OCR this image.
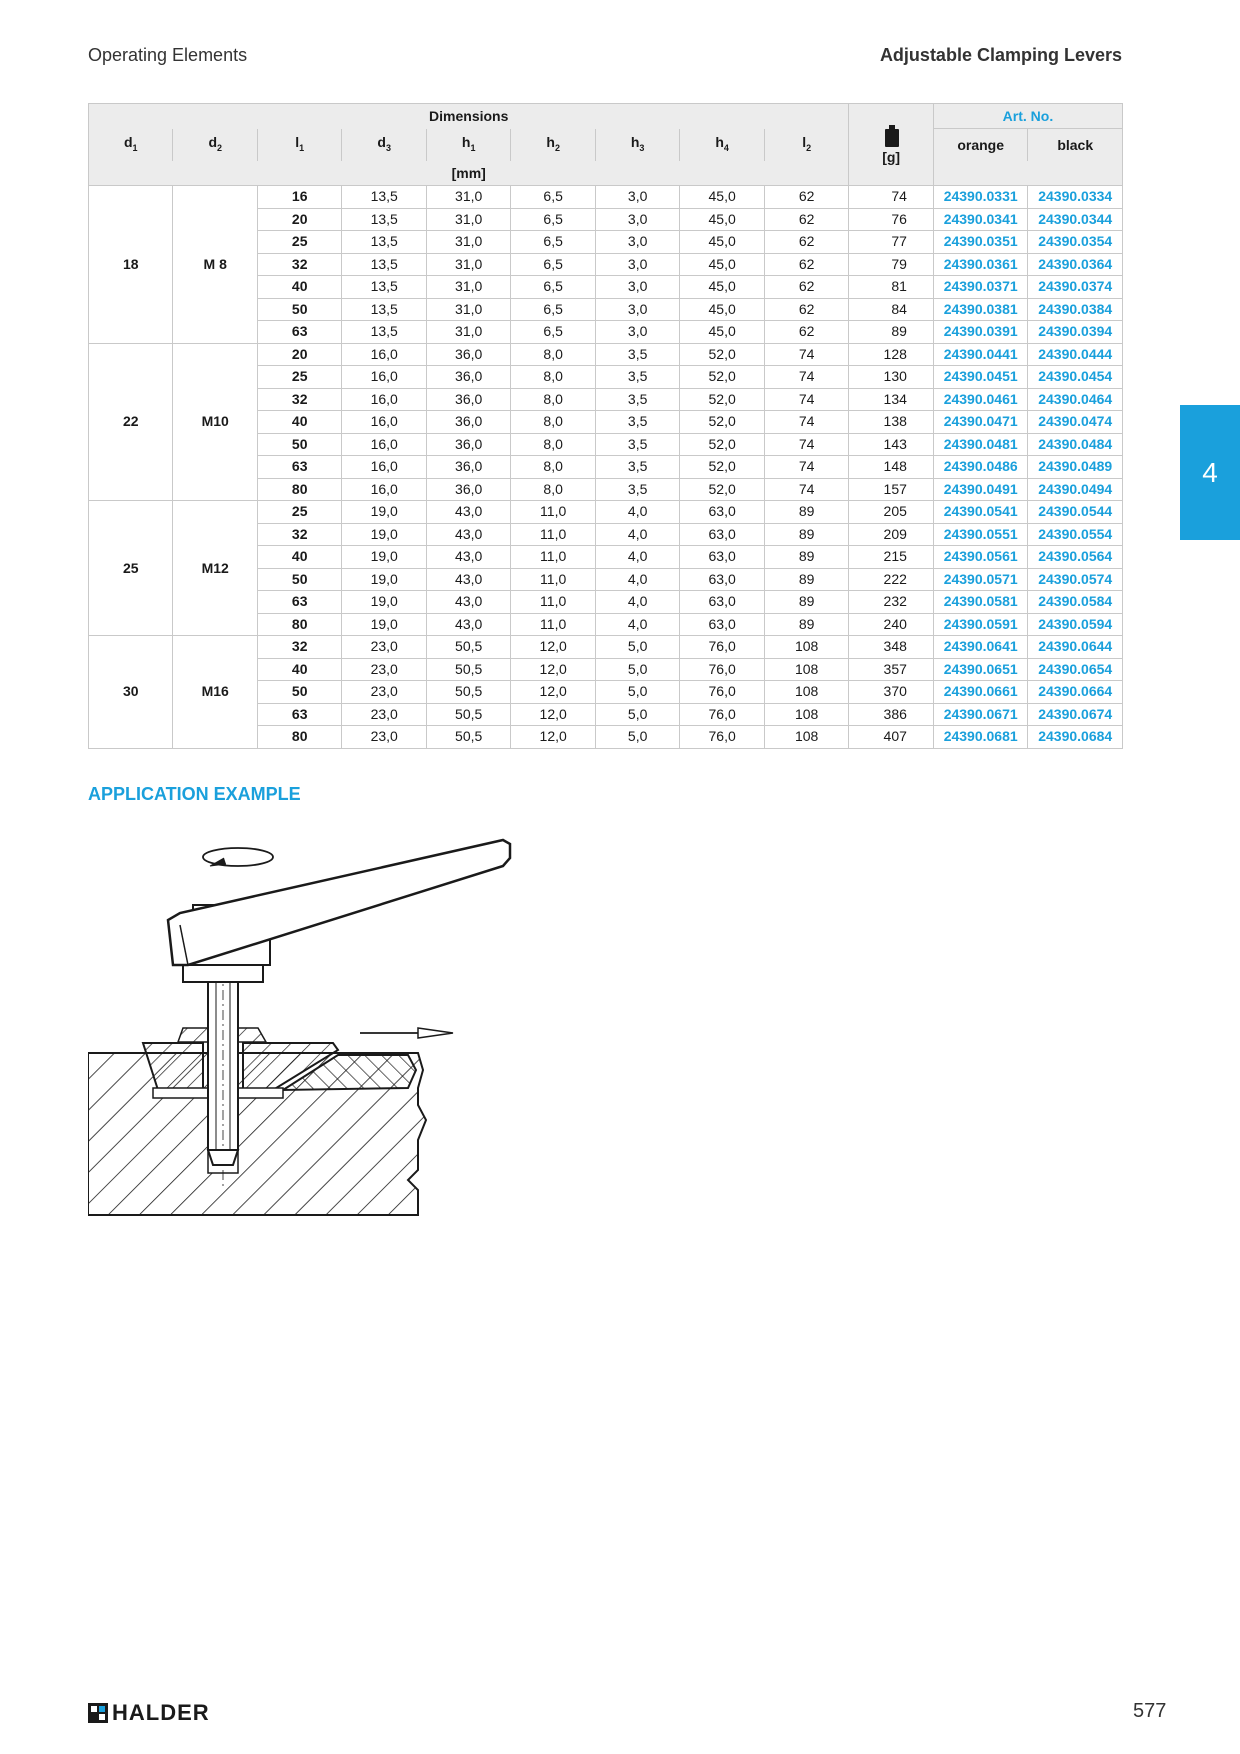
Operating Elements	Adjustable Clamping Levers
4
Dimensions									[g]	Art. No.	
$d_1$	$d_2$	$l_1$	$d_3$	$h_1$	$h_2$	$h_3$	$h_4$	$l_2$		orange	black
[mm]											
18	M 8	16	13,5	31,0	6,5	3,0	45,0	62	74	24390.0331	24390.0334
		20	13,5	31,0	6,5	3,0	45,0	62	76	24390.0341	24390.0344
		25	13,5	31,0	6,5	3,0	45,0	62	77	24390.0351	24390.0354
		32	13,5	31,0	6,5	3,0	45,0	62	79	24390.0361	24390.0364
		40	13,5	31,0	6,5	3,0	45,0	62	81	24390.0371	24390.0374
		50	13,5	31,0	6,5	3,0	45,0	62	84	24390.0381	24390.0384
		63	13,5	31,0	6,5	3,0	45,0	62	89	24390.0391	24390.0394
22	M10	20	16,0	36,0	8,0	3,5	52,0	74	128	24390.0441	24390.0444
		25	16,0	36,0	8,0	3,5	52,0	74	130	24390.0451	24390.0454
		32	16,0	36,0	8,0	3,5	52,0	74	134	24390.0461	24390.0464
		40	16,0	36,0	8,0	3,5	52,0	74	138	24390.0471	24390.0474
		50	16,0	36,0	8,0	3,5	52,0	74	143	24390.0481	24390.0484
		63	16,0	36,0	8,0	3,5	52,0	74	148	24390.0486	24390.0489
		80	16,0	36,0	8,0	3,5	52,0	74	157	24390.0491	24390.0494
25	M12	25	19,0	43,0	11,0	4,0	63,0	89	205	24390.0541	24390.0544
		32	19,0	43,0	11,0	4,0	63,0	89	209	24390.0551	24390.0554
		40	19,0	43,0	11,0	4,0	63,0	89	215	24390.0561	24390.0564
		50	19,0	43,0	11,0	4,0	63,0	89	222	24390.0571	24390.0574
		63	19,0	43,0	11,0	4,0	63,0	89	232	24390.0581	24390.0584
		80	19,0	43,0	11,0	4,0	63,0	89	240	24390.0591	24390.0594
30	M16	32	23,0	50,5	12,0	5,0	76,0	108	348	24390.0641	24390.0644
		40	23,0	50,5	12,0	5,0	76,0	108	357	24390.0651	24390.0654
		50	23,0	50,5	12,0	5,0	76,0	108	370	24390.0661	24390.0664
		63	23,0	50,5	12,0	5,0	76,0	108	386	24390.0671	24390.0674
		80	23,0	50,5	12,0	5,0	76,0	108	407	24390.0681	24390.0684
APPLICATION EXAMPLE
HALDER	577
